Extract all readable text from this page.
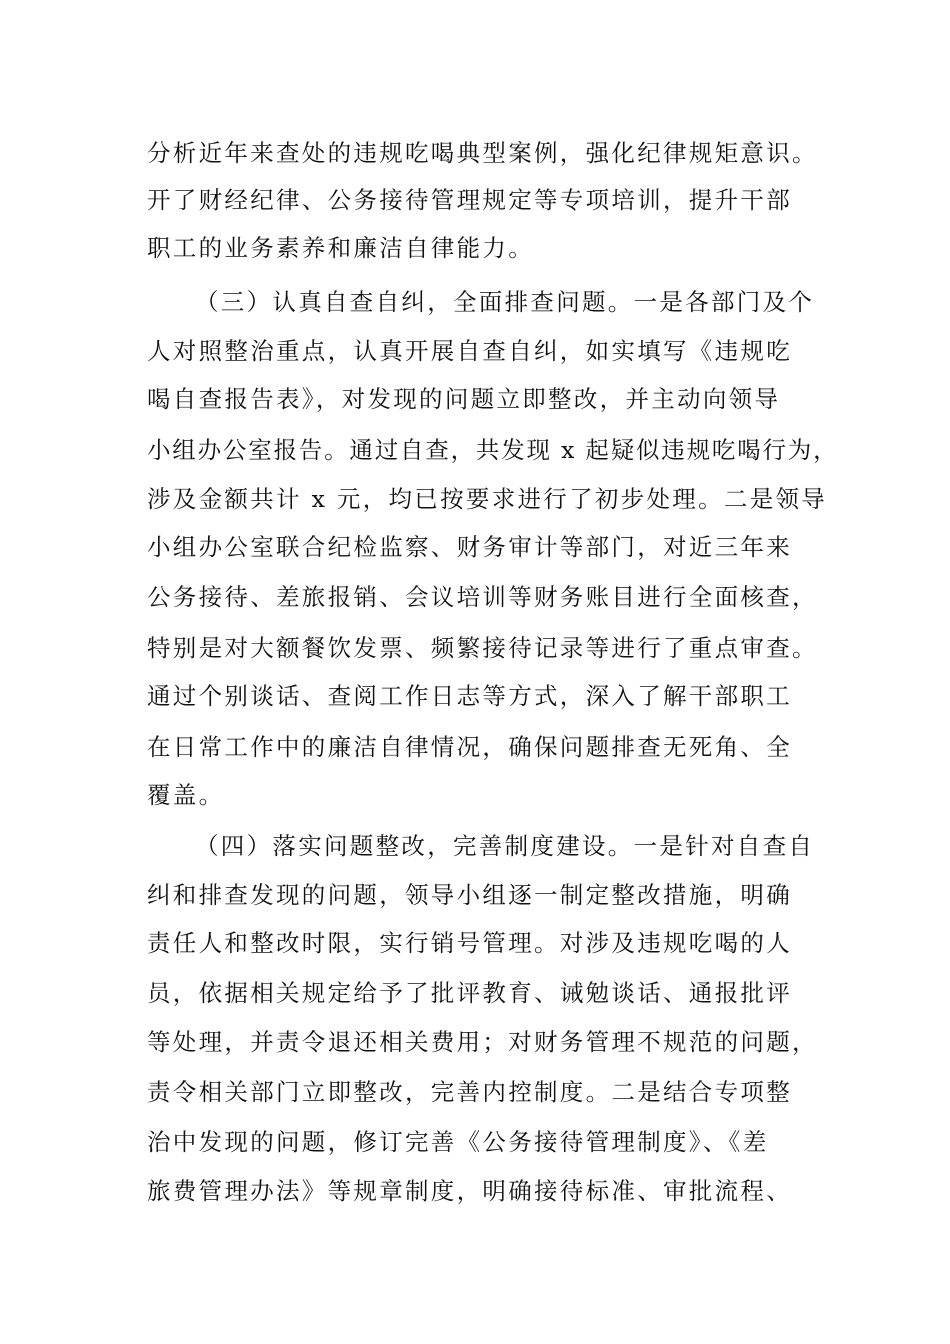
分析近年来查处的违规吃喝典型案例，强化纪律规矩意识。
开了财经纪律、公务接待管理规定等专项培训，提升干部
职工的业务素养和廉洁自律能力。
（三）认真自查自纠，全面排查问题。一是各部门及个
人对照整治重点，认真开展自查自纠，如实填写《违规吃
喝自查报告表》，对发现的问题立即整改，并主动向领导
小组办公室报告。通过自查，共发现 x 起疑似违规吃喝行为，
涉及金额共计 x 元，均已按要求进行了初步处理。二是领导
小组办公室联合纪检监察、财务审计等部门，对近三年来
公务接待、差旅报销、会议培训等财务账目进行全面核查，
特别是对大额餐饮发票、频繁接待记录等进行了重点审查。
通过个别谈话、查阅工作日志等方式，深入了解干部职工
在日常工作中的廉洁自律情况，确保问题排查无死角、全
覆盖。
（四）落实问题整改，完善制度建设。一是针对自查自
纠和排查发现的问题，领导小组逐一制定整改措施，明确
责任人和整改时限，实行销号管理。对涉及违规吃喝的人
员，依据相关规定给予了批评教育、诫勉谈话、通报批评
等处理，并责令退还相关费用；对财务管理不规范的问题，
责令相关部门立即整改，完善内控制度。二是结合专项整
治中发现的问题，修订完善《公务接待管理制度》、《差
旅费管理办法》等规章制度，明确接待标准、审批流程、
